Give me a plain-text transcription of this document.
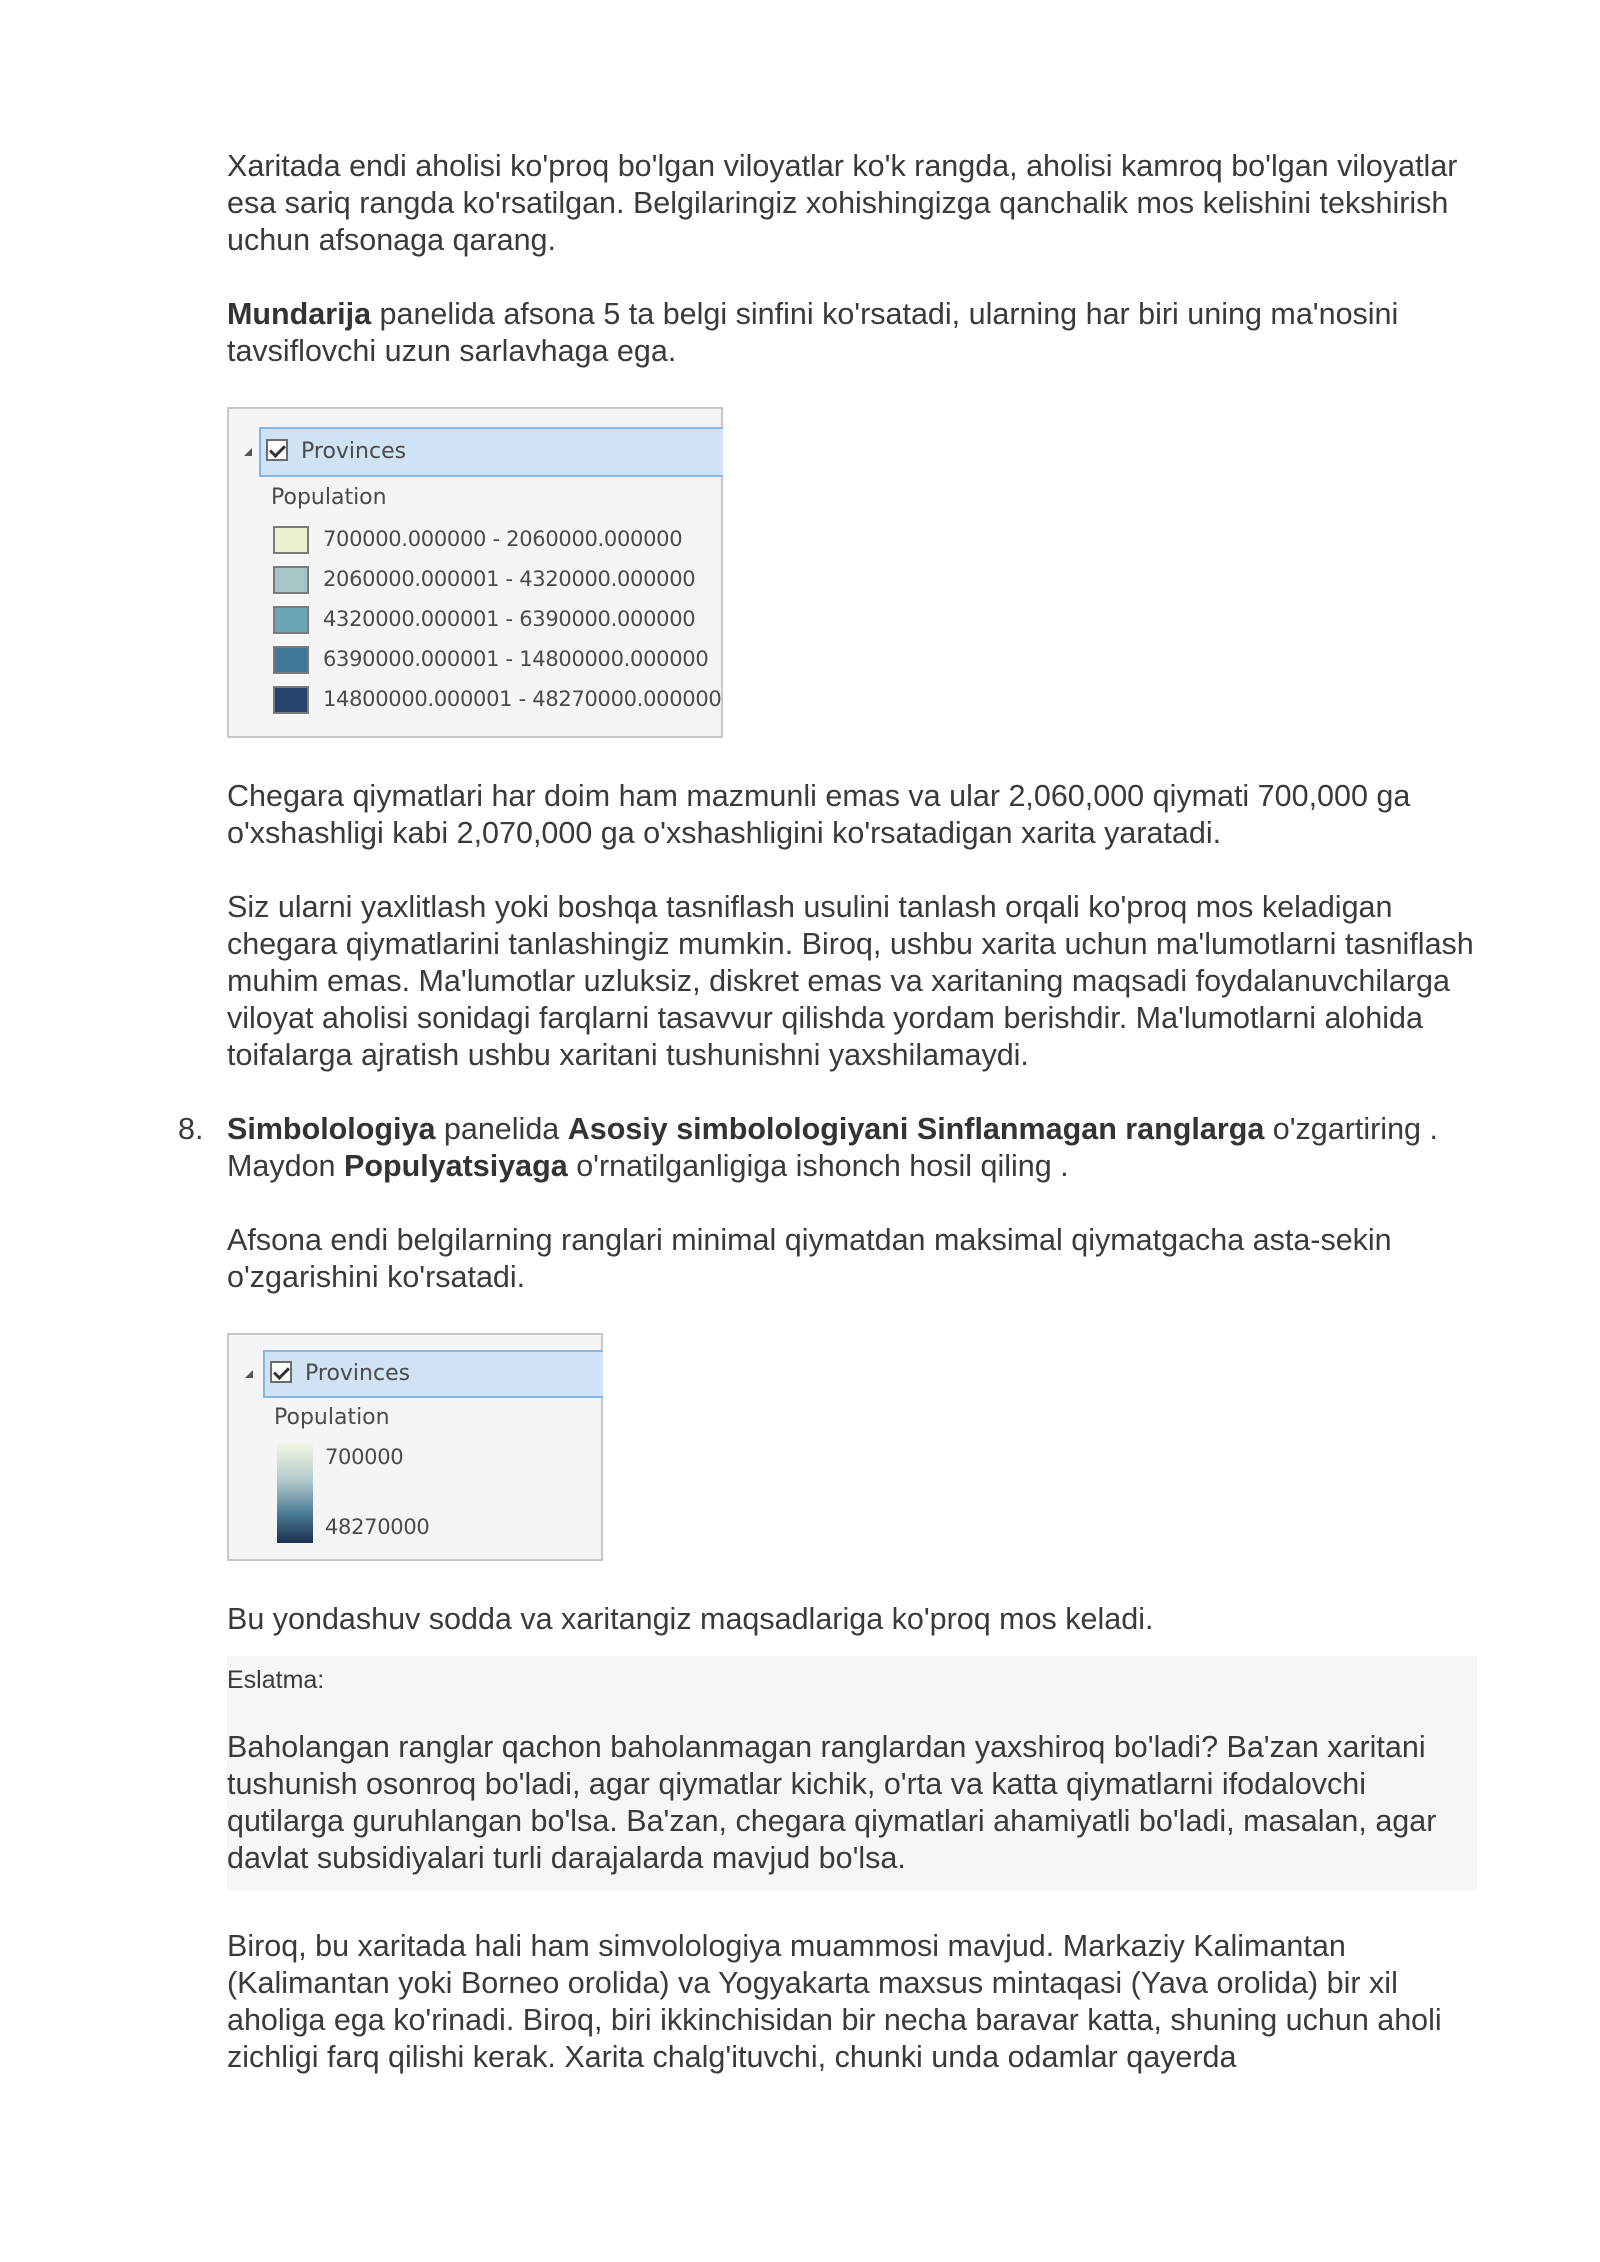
Xaritada endi aholisi ko'proq bo'lgan viloyatlar ko'k rangda, aholisi kamroq bo'lgan viloyatlar esa sariq rangda ko'rsatilgan. Belgilaringiz xohishingizga qanchalik mos kelishini tekshirish uchun afsonaga qarang.

Mundarija panelida afsona 5 ta belgi sinfini ko'rsatadi, ularning har biri uning ma'nosini tavsiflovchi uzun sarlavhaga ega.

Provinces
Population
700000.000000 - 2060000.000000
2060000.000001 - 4320000.000000
4320000.000001 - 6390000.000000
6390000.000001 - 14800000.000000
14800000.000001 - 48270000.000000

Chegara qiymatlari har doim ham mazmunli emas va ular 2,060,000 qiymati 700,000 ga o'xshashligi kabi 2,070,000 ga o'xshashligini ko'rsatadigan xarita yaratadi.

Siz ularni yaxlitlash yoki boshqa tasniflash usulini tanlash orqali ko'proq mos keladigan chegara qiymatlarini tanlashingiz mumkin. Biroq, ushbu xarita uchun ma'lumotlarni tasniflash muhim emas. Ma'lumotlar uzluksiz, diskret emas va xaritaning maqsadi foydalanuvchilarga viloyat aholisi sonidagi farqlarni tasavvur qilishda yordam berishdir. Ma'lumotlarni alohida toifalarga ajratish ushbu xaritani tushunishni yaxshilamaydi.

8. Simbolologiya panelida Asosiy simbolologiyani Sinflanmagan ranglarga o'zgartiring . Maydon Populyatsiyaga o'rnatilganligiga ishonch hosil qiling .

Afsona endi belgilarning ranglari minimal qiymatdan maksimal qiymatgacha asta-sekin o'zgarishini ko'rsatadi.

Provinces
Population
700000
48270000

Bu yondashuv sodda va xaritangiz maqsadlariga ko'proq mos keladi.

Eslatma:

Baholangan ranglar qachon baholanmagan ranglardan yaxshiroq bo'ladi? Ba'zan xaritani tushunish osonroq bo'ladi, agar qiymatlar kichik, o'rta va katta qiymatlarni ifodalovchi qutilarga guruhlangan bo'lsa. Ba'zan, chegara qiymatlari ahamiyatli bo'ladi, masalan, agar davlat subsidiyalari turli darajalarda mavjud bo'lsa.

Biroq, bu xaritada hali ham simvolologiya muammosi mavjud. Markaziy Kalimantan (Kalimantan yoki Borneo orolida) va Yogyakarta maxsus mintaqasi (Yava orolida) bir xil aholiga ega ko'rinadi. Biroq, biri ikkinchisidan bir necha baravar katta, shuning uchun aholi zichligi farq qilishi kerak. Xarita chalg'ituvchi, chunki unda odamlar qayerda
